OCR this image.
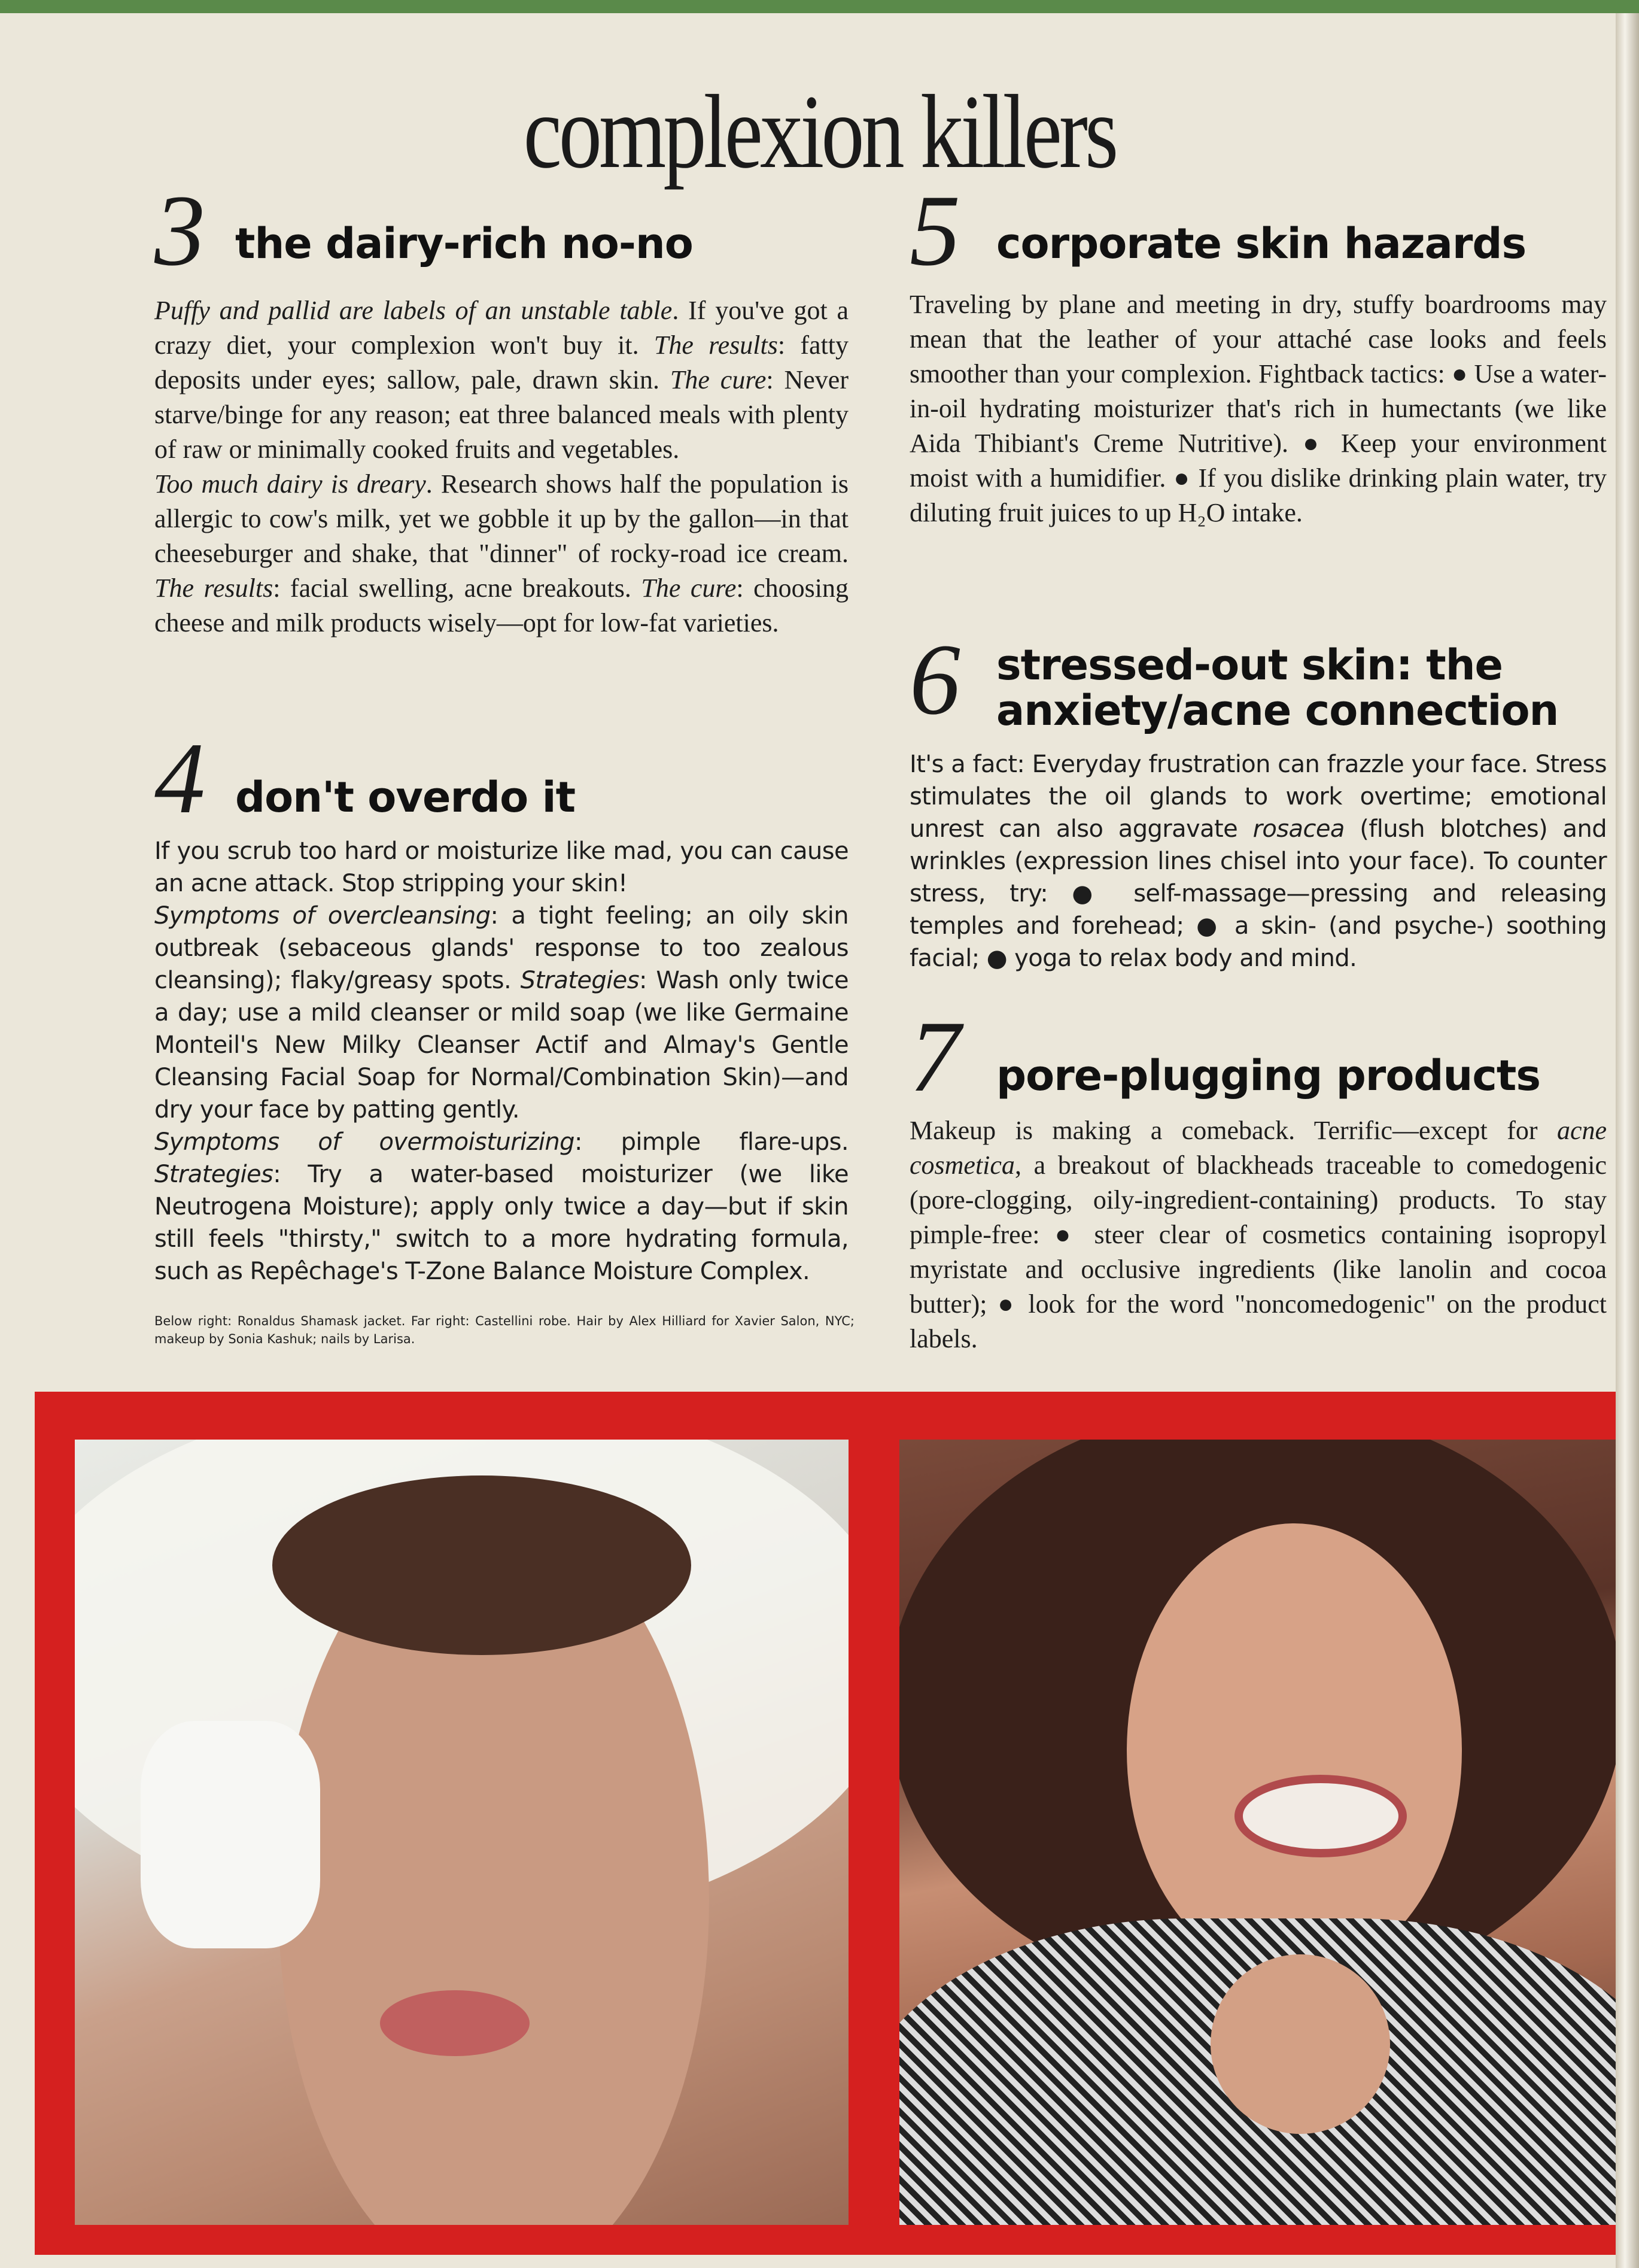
complexion killers
3 the dairy-rich no-no

Puffy and pallid are labels of an unstable table. If you've got a crazy diet, your complexion won't buy it. The results: fatty deposits under eyes; sallow, pale, drawn skin. The cure: Never starve/binge for any reason; eat three balanced meals with plenty of raw or minimally cooked fruits and vegetables.

Too much dairy is dreary. Research shows half the population is allergic to cow's milk, yet we gobble it up by the gallon—in that cheeseburger and shake, that "dinner" of rocky-road ice cream. The results: facial swelling, acne breakouts. The cure: choosing cheese and milk products wisely—opt for low-fat varieties.

4 don't overdo it

If you scrub too hard or moisturize like mad, you can cause an acne attack. Stop stripping your skin!

Symptoms of overcleansing: a tight feeling; an oily skin outbreak (sebaceous glands' response to too zealous cleansing); flaky/greasy spots. Strategies: Wash only twice a day; use a mild cleanser or mild soap (we like Germaine Monteil's New Milky Cleanser Actif and Almay's Gentle Cleansing Facial Soap for Normal/Combination Skin)—and dry your face by patting gently.

Symptoms of overmoisturizing: pimple flare-ups. Strategies: Try a water-based moisturizer (we like Neutrogena Moisture); apply only twice a day—but if skin still feels "thirsty," switch to a more hydrating formula, such as Repêchage's T-Zone Balance Moisture Complex.

5 corporate skin hazards

Traveling by plane and meeting in dry, stuffy boardrooms may mean that the leather of your attaché case looks and feels smoother than your complexion. Fightback tactics: ● Use a water-in-oil hydrating moisturizer that's rich in humectants (we like Aida Thibiant's Creme Nutritive). ● Keep your environment moist with a humidifier. ● If you dislike drinking plain water, try diluting fruit juices to up H₂O intake.

6 stressed-out skin: the anxiety/acne connection

It's a fact: Everyday frustration can frazzle your face. Stress stimulates the oil glands to work overtime; emotional unrest can also aggravate rosacea (flush blotches) and wrinkles (expression lines chisel into your face). To counter stress, try: ● self-massage—pressing and releasing temples and forehead; ● a skin- (and psyche-) soothing facial; ● yoga to relax body and mind.

7 pore-plugging products

Makeup is making a comeback. Terrific—except for acne cosmetica, a breakout of blackheads traceable to comedogenic (pore-clogging, oily-ingredient-containing) products. To stay pimple-free: ● steer clear of cosmetics containing isopropyl myristate and occlusive ingredients (like lanolin and cocoa butter); ● look for the word "noncomedogenic" on the product labels.

Below right: Ronaldus Shamask jacket. Far right: Castellini robe. Hair by Alex Hilliard for Xavier Salon, NYC; makeup by Sonia Kashuk; nails by Larisa.
